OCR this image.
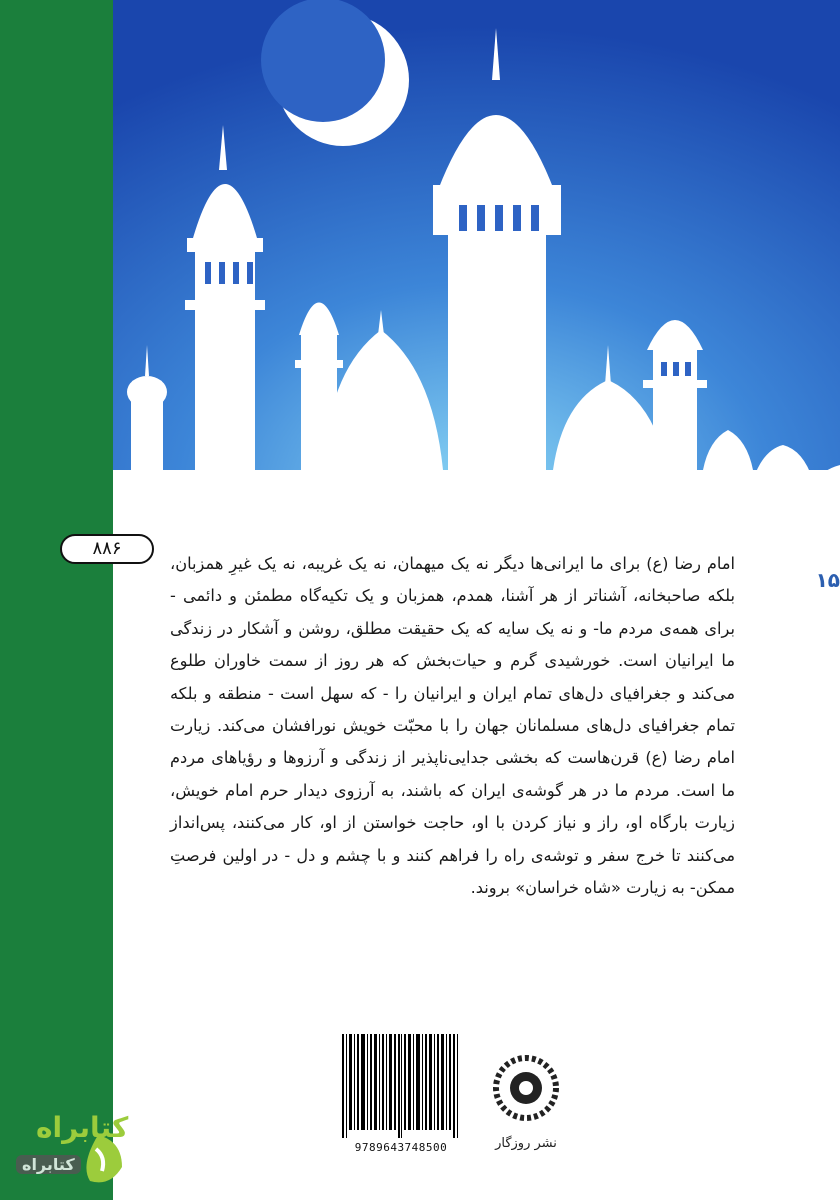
۸۸۶
۱۵

امام رضا (ع) برای ما ایرانی‌ها دیگر نه یک میهمان، نه یک غریبه، نه یک غیرِ همزبان، بلکه صاحبخانه، آشناتر از هر آشنا، همدم، همزبان و یک تکیه‌گاه مطمئن و دائمی - برای همه‌ی مردم ما- و نه یک سایه که یک حقیقت مطلق، روشن و آشکار در زندگی ما ایرانیان است. خورشیدی گرم و حیات‌بخش که هر روز از سمت خاوران طلوع می‌کند و جغرافیای دل‌های تمام ایران و ایرانیان را - که سهل است - منطقه و بلکه تمام جغرافیای دل‌های مسلمانان جهان را با محبّت خویش نورافشان می‌کند. زیارت امام رضا (ع) قرن‌هاست که بخشی جدایی‌ناپذیر از زندگی و آرزوها و رؤیاهای مردم ما است. مردم ما در هر گوشه‌ی ایران که باشند، به آرزوی دیدار حرم امام خویش، زیارت بارگاه او، راز و نیاز کردن با او، حاجت خواستن از او، کار می‌کنند، پس‌انداز می‌کنند تا خرج سفر و توشه‌ی راه را فراهم کنند و با چشم و دل - در اولین فرصتِ ممکن- به زیارت «شاه خراسان» بروند.

9789643748500	نشر روزگار
کتابراه
کتابراه
